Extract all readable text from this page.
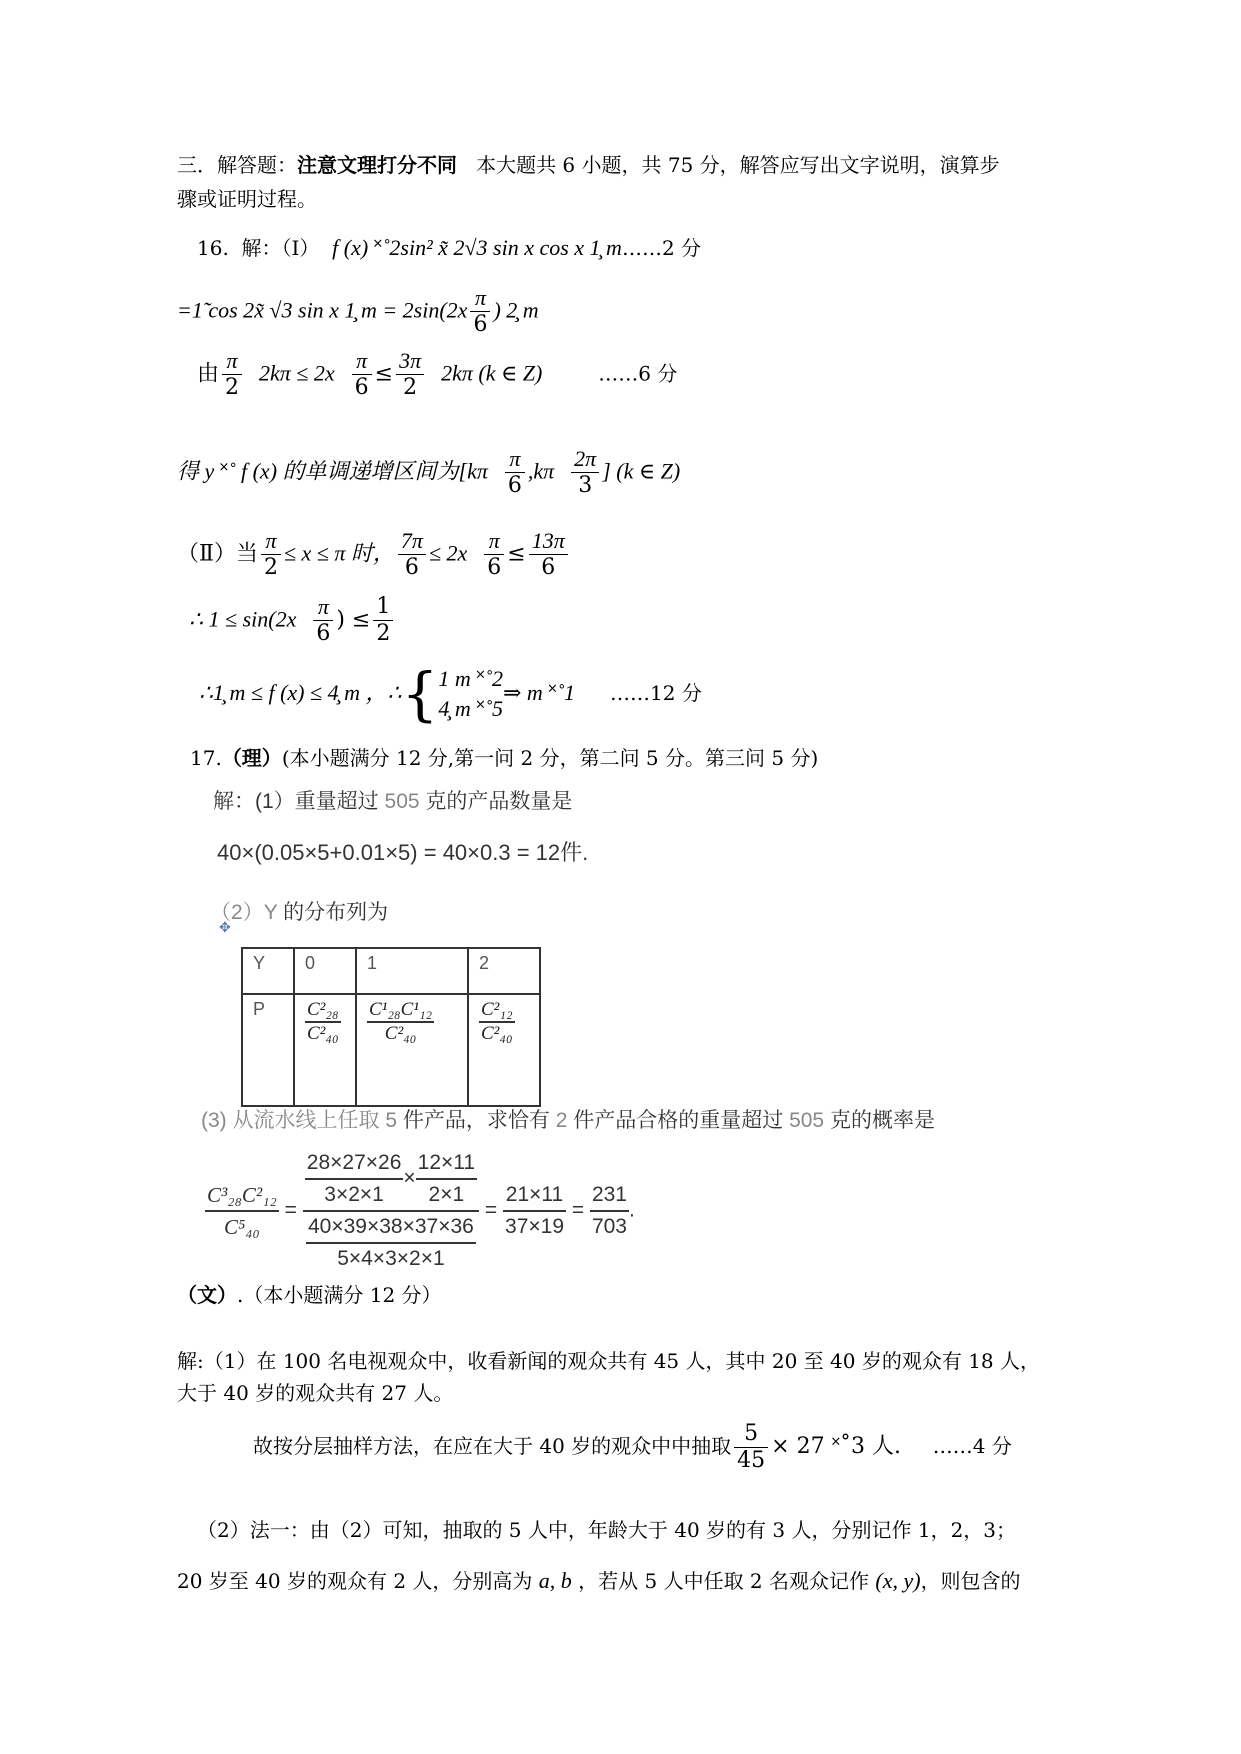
三．解答题：注意文理打分不同 本大题共 6 小题，共 75 分，解答应写出文字说明，演算步
骤或证明过程。
16. 解：（Ⅰ） f (x) ˟˚2sin² x̃ 2√3 sin x cos x 1̧ m……2 分
=1̃ cos 2x̃ √3 sin x 1̧ $m = 2\sin(2x \frac{\pi}{6}$ ) 2̧ m
由 $\frac{\pi}{2} 2k\pi \le 2x \frac{\pi}{6} \le \frac{3\pi}{2} 2k\pi$ (k ∈ Z)	……6 分
得 y ˟˚ f (x) 的单调递增区间为[$k\pi \frac{\pi}{6} ,k\pi \frac{2\pi}{3}$ ] (k ∈ Z)
（Ⅱ）当 $\frac{\pi}{2} \le x \le \pi$ 时， $\frac{7\pi}{6} \le 2x \frac{\pi}{6} \le \frac{13\pi}{6}$
∴ $1 \le \sin(2x \frac{\pi}{6}$ ) ≤ $\frac{1}{2}$
∴1̧ m ≤ f (x) ≤ 4̧ m ，∴{ 1 m ˟˚2
4̧ m ˟˚5
⇒ m ˟˚1 ……12 分
17.（理）(本小题满分 12 分,第一问 2 分，第二问 5 分。第三问 5 分)
解：(1）重量超过 505 克的产品数量是
40×(0.05×5+0.01×5) = 40×0.3 = 12件.
（2）Y 的分布列为
✥
Y	0	1	2
P	$\frac{\text{C²₂₈}}{\text{C²₄₀}}$	$\frac{\text{C¹₂₈C¹₁₂}}{\text{C²₄₀}}$	$\frac{\text{C²₁₂}}{\text{C²₄₀}}$
(3) 从流水线上任取 5 件产品，求恰有 2 件产品合格的重量超过 505 克的概率是
$\frac{\text{C³₂₈C²₁₂}}{\text{C⁵₄₀}} = \frac{\frac{28\times 27\times 26}{3\times 2\times 1} \times \frac{12\times 11}{2\times 1}}{\frac{40\times 39\times 38\times 37\times 36}{5\times 4\times 3\times 2\times 1}} = \frac{21\times 11}{37\times 19} = \frac{231}{703}$ .
（文）.（本小题满分 12 分）
解:（1）在 100 名电视观众中，收看新闻的观众共有 45 人，其中 20 至 40 岁的观众有 18 人，
大于 40 岁的观众共有 27 人。
故按分层抽样方法，在应在大于 40 岁的观众中中抽取 $\frac{5}{45} \times 27$ ˟˚3 人. ……4 分
（2）法一：由（2）可知，抽取的 5 人中，年龄大于 40 岁的有 3 人，分别记作 1，2，3；
20 岁至 40 岁的观众有 2 人，分别高为 a, b ，若从 5 人中任取 2 名观众记作 (x, y)，则包含的
